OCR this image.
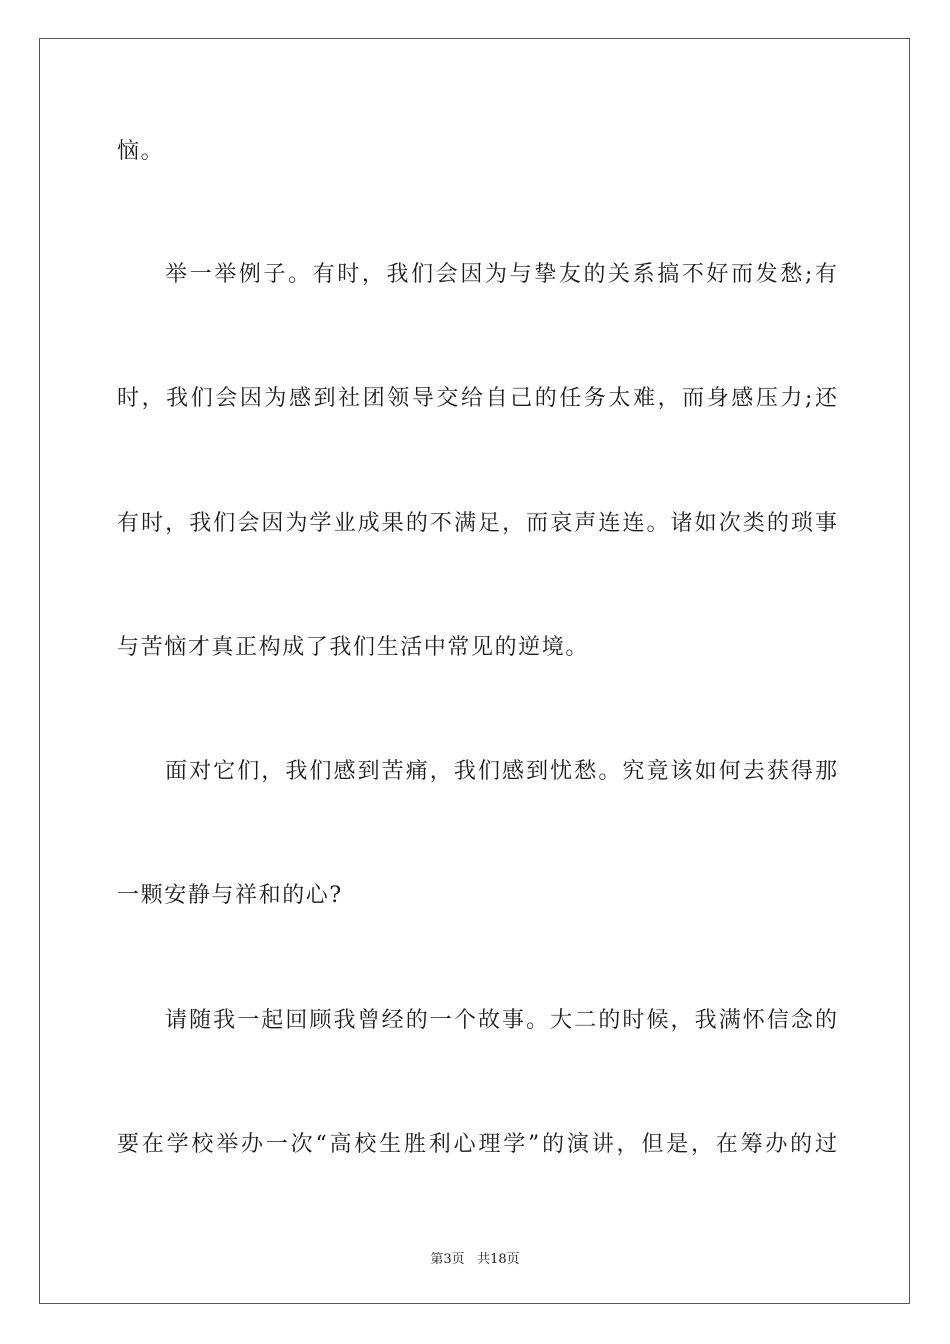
恼。
举一举例子。有时，我们会因为与挚友的关系搞不好而发愁;有
时，我们会因为感到社团领导交给自己的任务太难，而身感压力;还
有时，我们会因为学业成果的不满足，而哀声连连。诸如次类的琐事
与苦恼才真正构成了我们生活中常见的逆境。
面对它们，我们感到苦痛，我们感到忧愁。究竟该如何去获得那
一颗安静与祥和的心?
请随我一起回顾我曾经的一个故事。大二的时候，我满怀信念的
要在学校举办一次“高校生胜利心理学”的演讲，但是，在筹办的过
第3页 共18页
